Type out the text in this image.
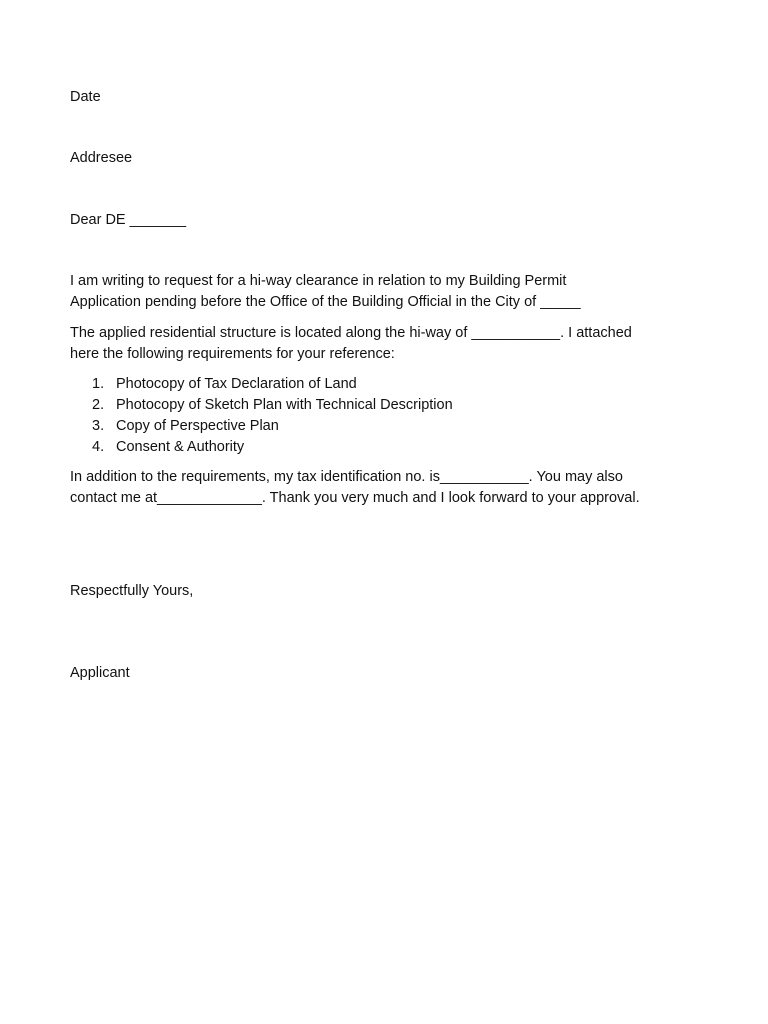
Date

Addresee

Dear DE _______

I am writing to request for a hi-way clearance in relation to my Building Permit
Application pending before the Office of the Building Official in the City of _____
The applied residential structure is located along the hi-way of ___________. I attached
here the following requirements for your reference:
1. Photocopy of Tax Declaration of Land
2. Photocopy of Sketch Plan with Technical Description
3. Copy of Perspective Plan
4. Consent & Authority
In addition to the requirements, my tax identification no. is___________. You may also
contact me at_____________. Thank you very much and I look forward to your approval.

Respectfully Yours,

Applicant
